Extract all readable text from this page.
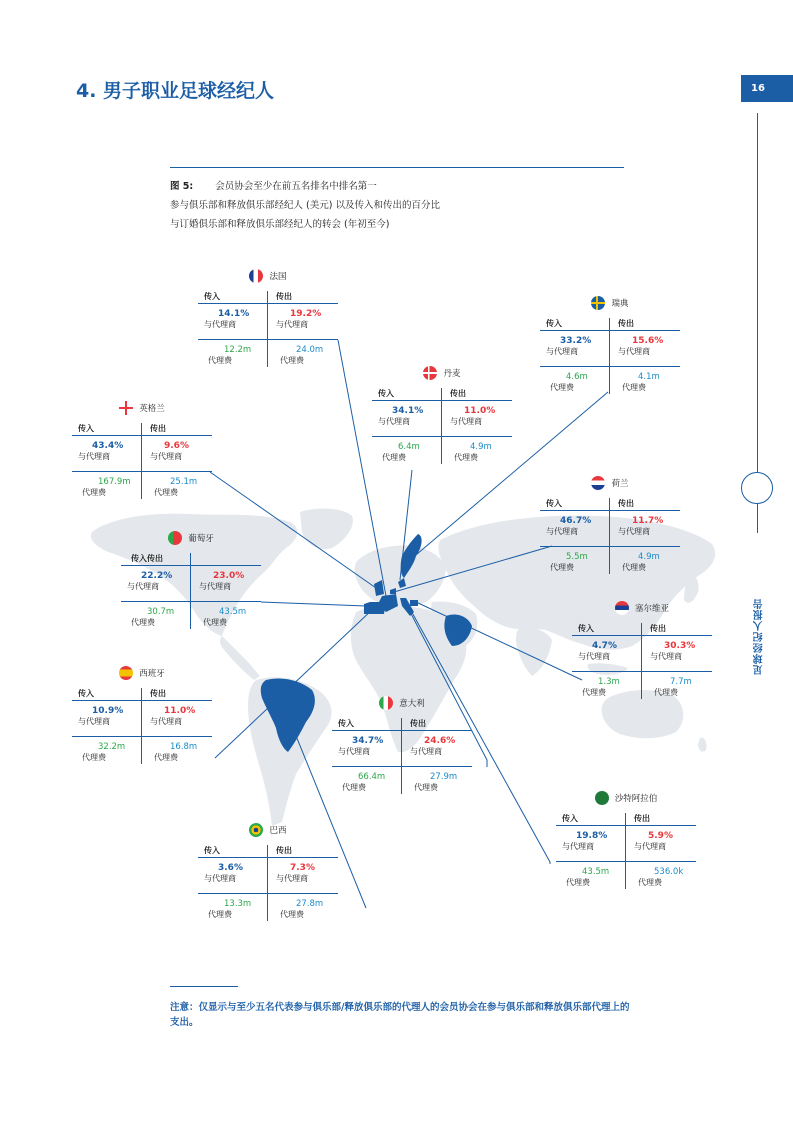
4. 男子职业足球经纪人	16
足球经纪人报告
图 5: 会员协会至少在前五名排名中排名第一
参与俱乐部和释放俱乐部经纪人 (美元) 以及传入和传出的百分比
与订婚俱乐部和释放俱乐部经纪人的转会 (年初至今)
法国
传入	传出
14.1%	19.2%
与代理商	与代理商
12.2m	24.0m
代理费	代理费
瑞典
传入	传出
33.2%	15.6%
与代理商	与代理商
4.6m	4.1m
代理费	代理费
丹麦
传入	传出
34.1%	11.0%
与代理商	与代理商
6.4m	4.9m
代理费	代理费
英格兰
传入	传出
43.4%	9.6%
与代理商	与代理商
167.9m	25.1m
代理费	代理费
荷兰
传入	传出
46.7%	11.7%
与代理商	与代理商
5.5m	4.9m
代理费	代理费
葡萄牙
传入传出
22.2%	23.0%
与代理商	与代理商
30.7m	43.5m
代理费	代理费
塞尔维亚
传入	传出
4.7%	30.3%
与代理商	与代理商
1.3m	7.7m
代理费	代理费
西班牙
传入	传出
10.9%	11.0%
与代理商	与代理商
32.2m	16.8m
代理费	代理费
意大利
传入	传出
34.7%	24.6%
与代理商	与代理商
66.4m	27.9m
代理费	代理费
沙特阿拉伯
传入	传出
19.8%	5.9%
与代理商	与代理商
43.5m	536.0k
代理费	代理费
巴西
传入	传出
3.6%	7.3%
与代理商	与代理商
13.3m	27.8m
代理费	代理费
注意：仅显示与至少五名代表参与俱乐部/释放俱乐部的代理人的会员协会在参与俱乐部和释放俱乐部代理上的支出。
